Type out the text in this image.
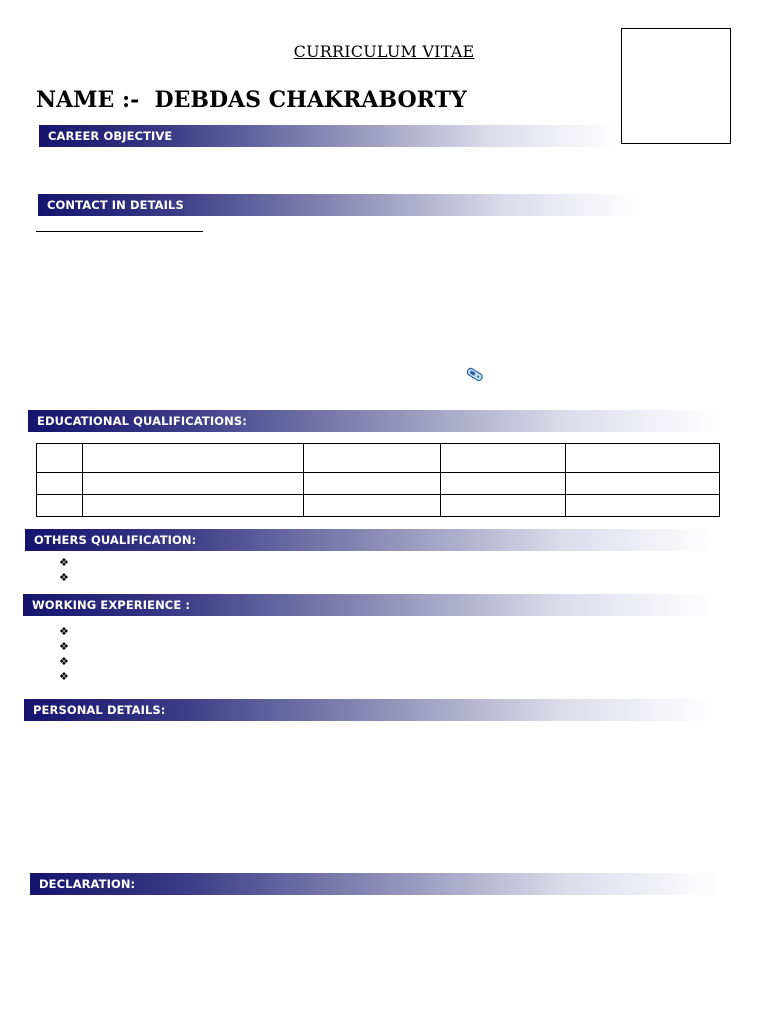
CURRICULUM VITAE
NAME :-  DEBDAS CHAKRABORTY
CAREER OBJECTIVE
CONTACT IN DETAILS
EDUCATIONAL QUALIFICATIONS:

OTHERS QUALIFICATION:
❖
❖
WORKING EXPERIENCE :
❖
❖
❖
❖
PERSONAL DETAILS:
DECLARATION:
